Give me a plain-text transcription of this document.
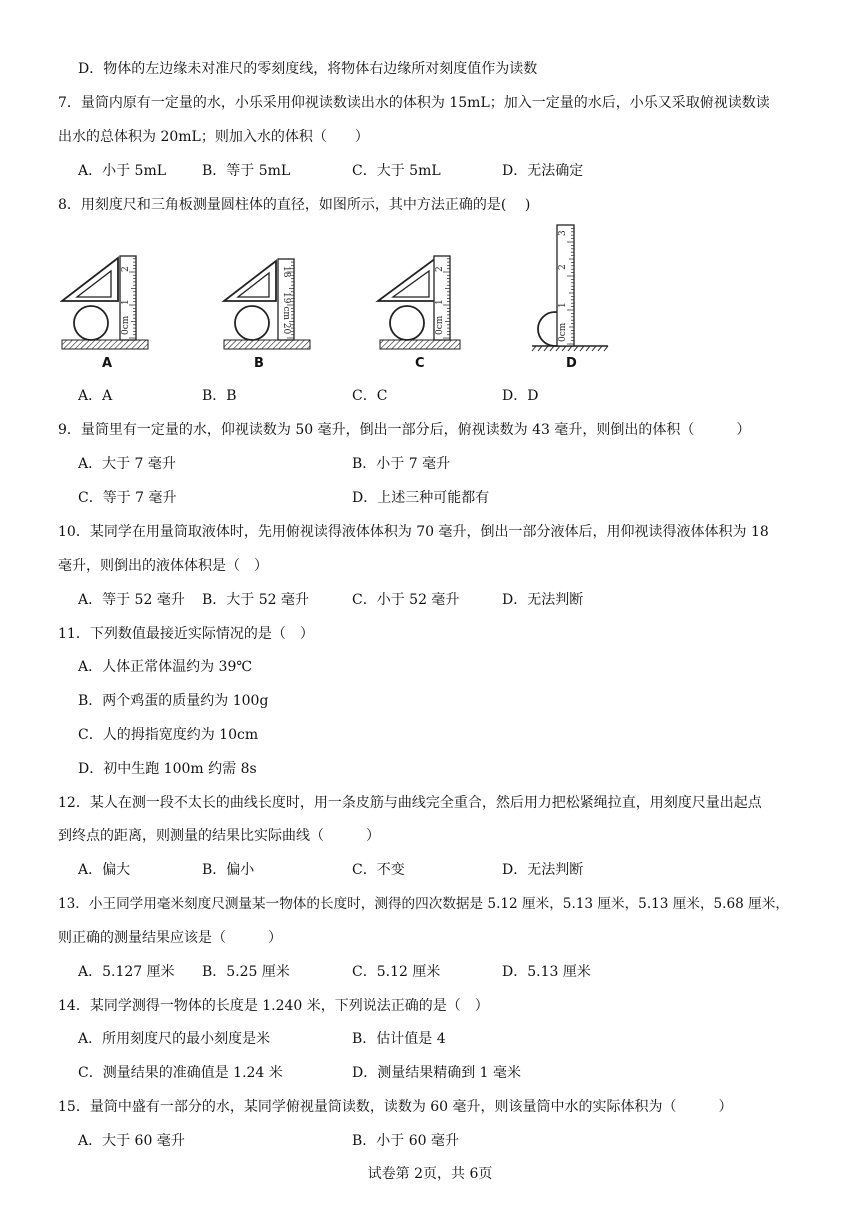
D．物体的左边缘未对准尺的零刻度线，将物体右边缘所对刻度值作为读数
7．量筒内原有一定量的水，小乐采用仰视读数读出水的体积为 15mL；加入一定量的水后，小乐又采取俯视读数读
出水的总体积为 20mL；则加入水的体积（　　）
A．小于 5mL	B．等于 5mL	C．大于 5mL	D．无法确定
8．用刻度尺和三角板测量圆柱体的直径，如图所示，其中方法正确的是(　 )
0cm
1
2	18
19 cm 20	0cm
1
2
0cm
1
2
3
A	B	C	D
A．A	B．B	C．C	D．D
9．量筒里有一定量的水，仰视读数为 50 毫升，倒出一部分后，俯视读数为 43 毫升，则倒出的体积（　　　）
A．大于 7 毫升	B．小于 7 毫升
C．等于 7 毫升	D．上述三种可能都有
10．某同学在用量筒取液体时，先用俯视读得液体体积为 70 毫升，倒出一部分液体后，用仰视读得液体体积为 18
毫升，则倒出的液体体积是（　）
A．等于 52 毫升 B．大于 52 毫升	C．小于 52 毫升	D．无法判断
11．下列数值最接近实际情况的是（　）
A．人体正常体温约为 39℃
B．两个鸡蛋的质量约为 100g
C．人的拇指宽度约为 10cm
D．初中生跑 100m 约需 8s
12．某人在测一段不太长的曲线长度时，用一条皮筋与曲线完全重合，然后用力把松紧绳拉直，用刻度尺量出起点
到终点的距离，则测量的结果比实际曲线（　　　）
A．偏大	B．偏小	C．不变	D．无法判断
13．小王同学用毫米刻度尺测量某一物体的长度时，测得的四次数据是 5.12 厘米，5.13 厘米，5.13 厘米，5.68 厘米，
则正确的测量结果应该是（　　　）
A．5.127 厘米 B．5.25 厘米	C．5.12 厘米	D．5.13 厘米
14．某同学测得一物体的长度是 1.240 米，下列说法正确的是（　）
A．所用刻度尺的最小刻度是米	B．估计值是 4
C．测量结果的准确值是 1.24 米	D．测量结果精确到 1 毫米
15．量筒中盛有一部分的水，某同学俯视量筒读数，读数为 60 毫升，则该量筒中水的实际体积为（　　　）
A．大于 60 毫升	B．小于 60 毫升
试卷第 2页，共 6页
